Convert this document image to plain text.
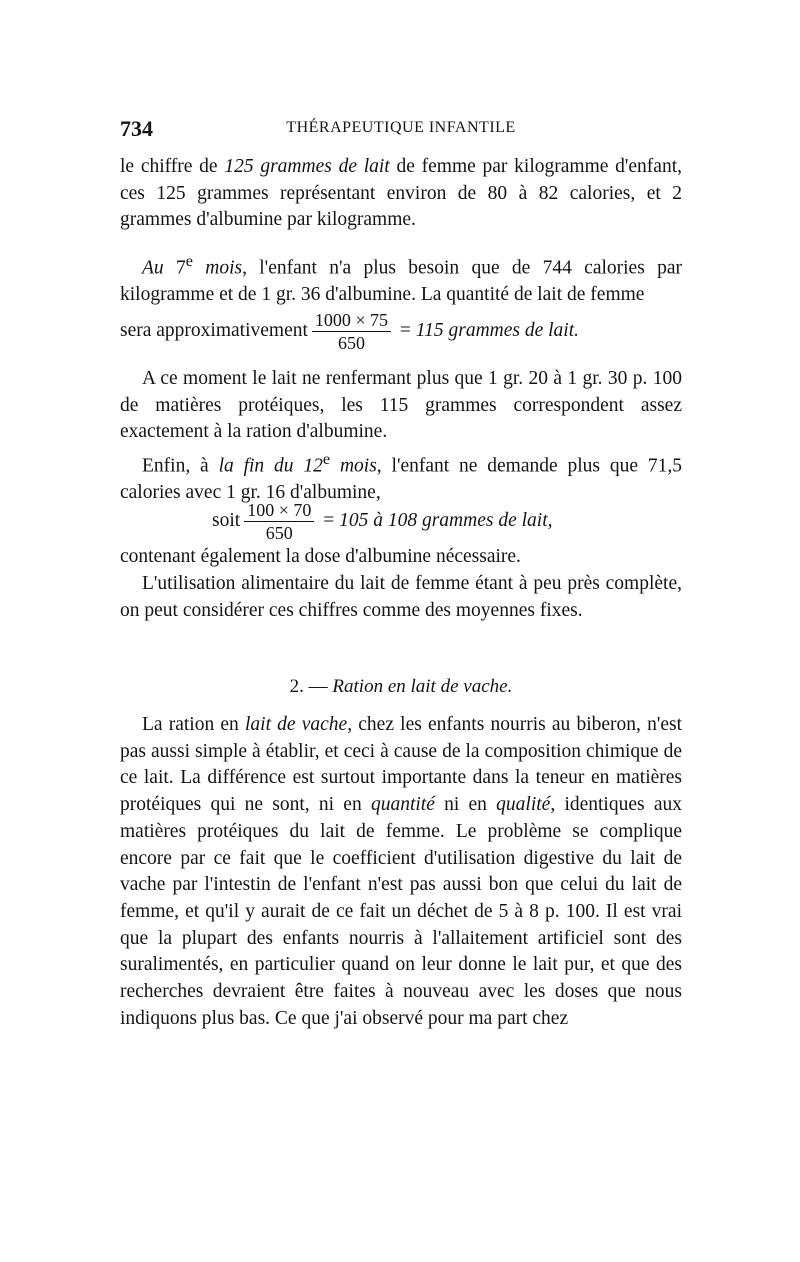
734	THÉRAPEUTIQUE INFANTILE

le chiffre de 125 grammes de lait de femme par kilogramme d'enfant, ces 125 grammes représentant environ de 80 à 82 calories, et 2 grammes d'albumine par kilogramme.

Au 7e mois, l'enfant n'a plus besoin que de 744 calories par kilogramme et de 1 gr. 36 d'albumine. La quantité de lait de femme

sera approximativement $\frac{1000 \times 75}{650} = 115$ grammes de lait.

A ce moment le lait ne renfermant plus que 1 gr. 20 à 1 gr. 30 p. 100 de matières protéiques, les 115 grammes correspondent assez exactement à la ration d'albumine.

Enfin, à la fin du 12e mois, l'enfant ne demande plus que 71,5 calories avec 1 gr. 16 d'albumine,

soit $\frac{100 \times 70}{650} = 105$ à 108 grammes de lait,

contenant également la dose d'albumine nécessaire.

L'utilisation alimentaire du lait de femme étant à peu près complète, on peut considérer ces chiffres comme des moyennes fixes.

2. — Ration en lait de vache.

La ration en lait de vache, chez les enfants nourris au biberon, n'est pas aussi simple à établir, et ceci à cause de la composition chimique de ce lait. La différence est surtout importante dans la teneur en matières protéiques qui ne sont, ni en quantité ni en qualité, identiques aux matières protéiques du lait de femme. Le problème se complique encore par ce fait que le coefficient d'utilisation digestive du lait de vache par l'intestin de l'enfant n'est pas aussi bon que celui du lait de femme, et qu'il y aurait de ce fait un déchet de 5 à 8 p. 100. Il est vrai que la plupart des enfants nourris à l'allaitement artificiel sont des suralimentés, en particulier quand on leur donne le lait pur, et que des recherches devraient être faites à nouveau avec les doses que nous indiquons plus bas. Ce que j'ai observé pour ma part chez
